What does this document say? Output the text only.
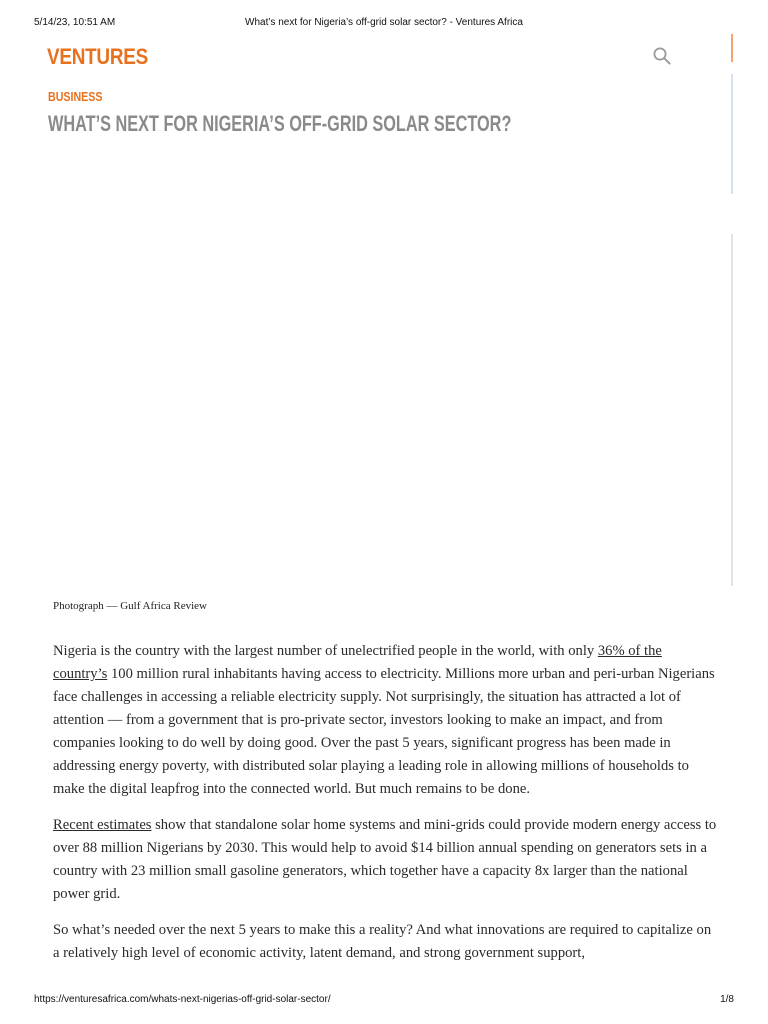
5/14/23, 10:51 AM	What’s next for Nigeria’s off-grid solar sector? - Ventures Africa
VENTURES
BUSINESS
WHAT’S NEXT FOR NIGERIA’S OFF-GRID SOLAR SECTOR?
Photograph — Gulf Africa Review

Nigeria is the country with the largest number of unelectrified people in the world, with only 36% of the country’s 100 million rural inhabitants having access to electricity. Millions more urban and peri-urban Nigerians face challenges in accessing a reliable electricity supply. Not surprisingly, the situation has attracted a lot of attention — from a government that is pro-private sector, investors looking to make an impact, and from companies looking to do well by doing good. Over the past 5 years, significant progress has been made in addressing energy poverty, with distributed solar playing a leading role in allowing millions of households to make the digital leapfrog into the connected world. But much remains to be done.

Recent estimates show that standalone solar home systems and mini-grids could provide modern energy access to over 88 million Nigerians by 2030. This would help to avoid $14 billion annual spending on generators sets in a country with 23 million small gasoline generators, which together have a capacity 8x larger than the national power grid.

So what’s needed over the next 5 years to make this a reality? And what innovations are required to capitalize on a relatively high level of economic activity, latent demand, and strong government support,

https://venturesafrica.com/whats-next-nigerias-off-grid-solar-sector/	1/8
